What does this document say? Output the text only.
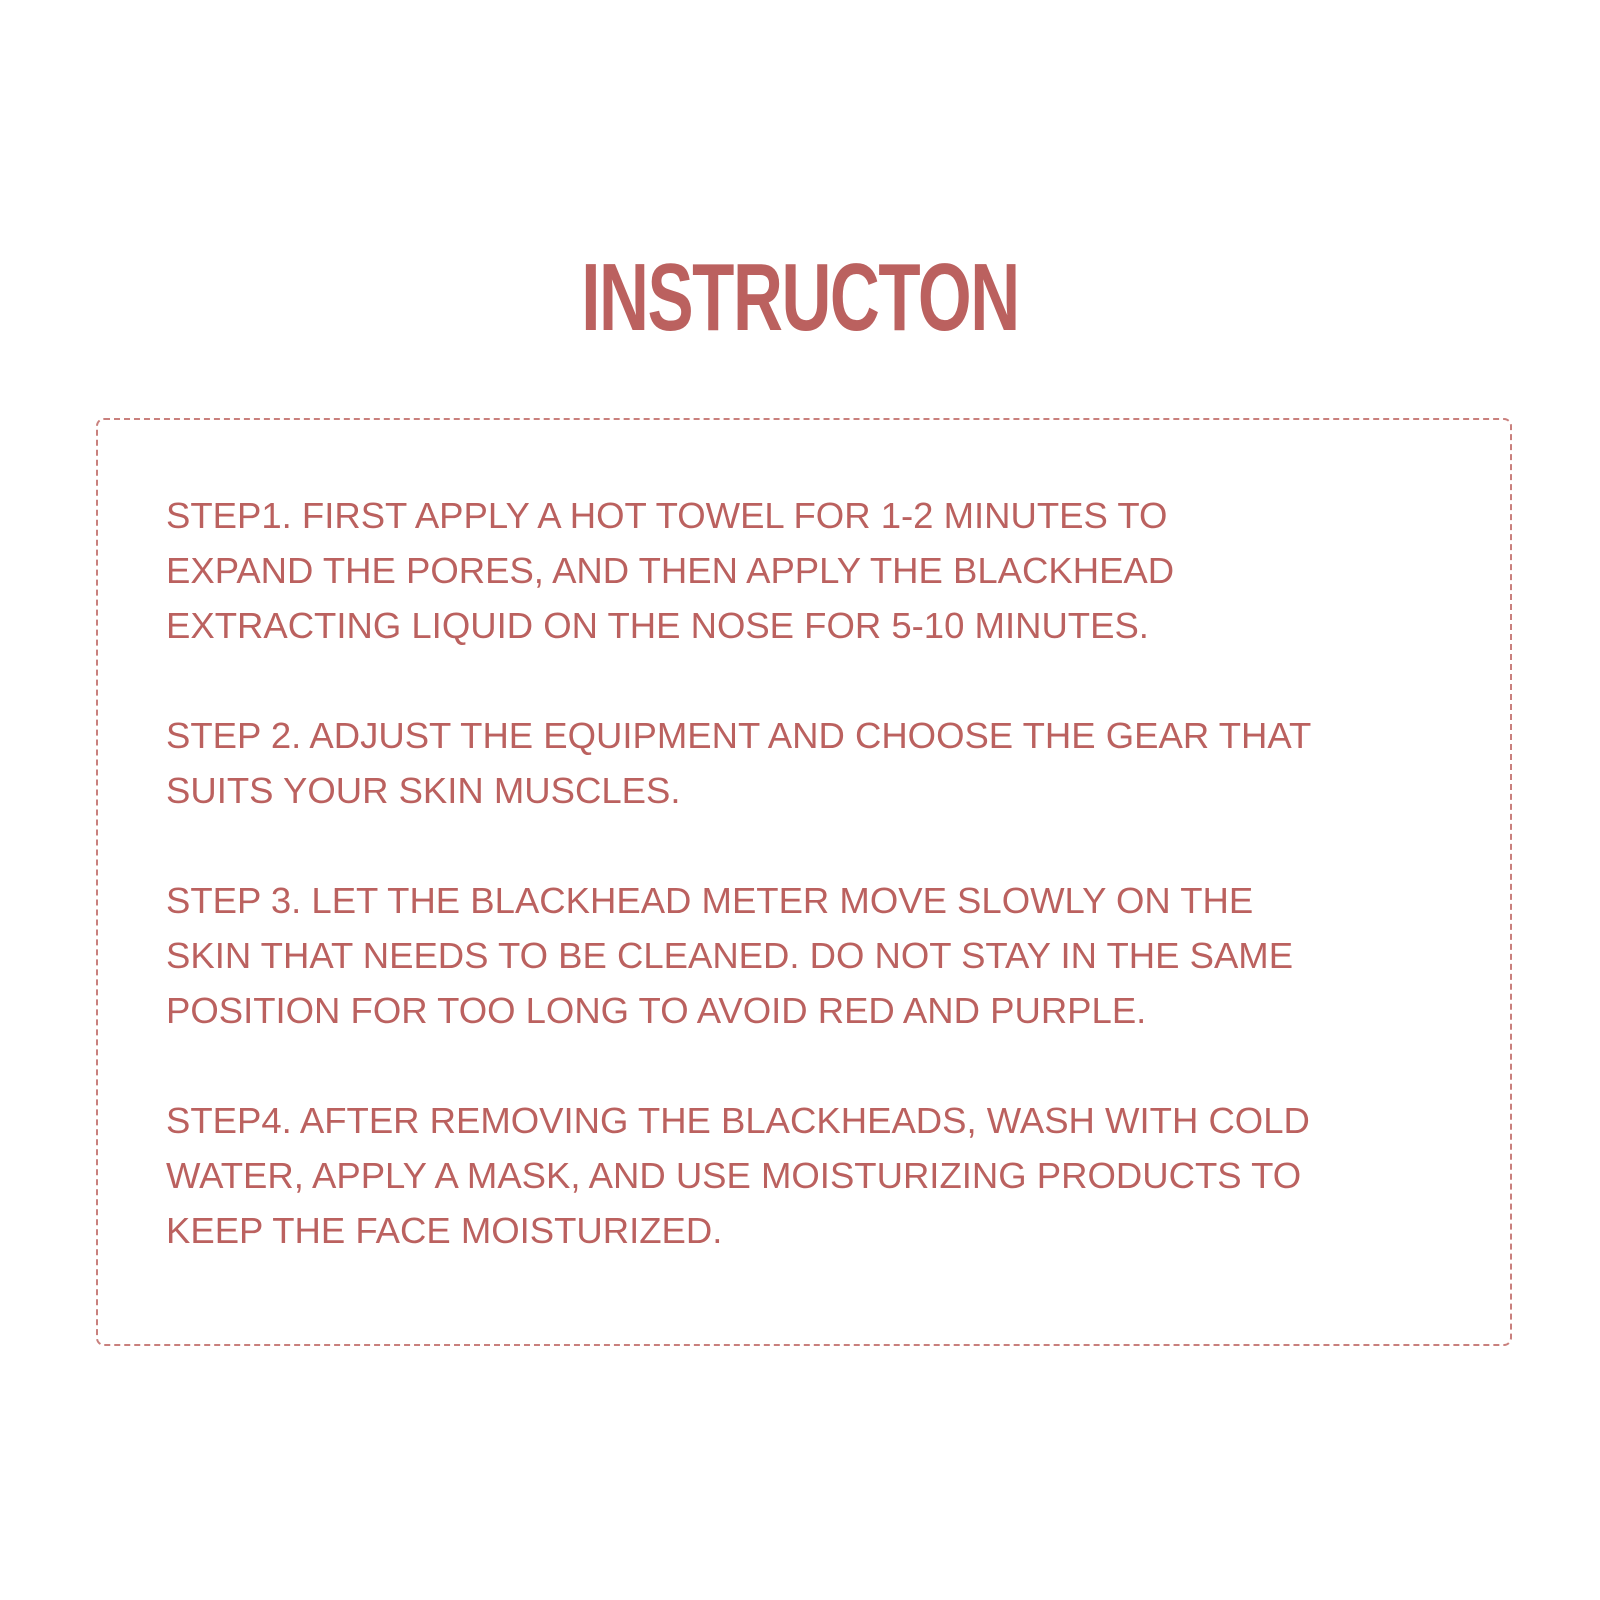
INSTRUCTON

STEP1. FIRST APPLY A HOT TOWEL FOR 1-2 MINUTES TO
EXPAND THE PORES, AND THEN APPLY THE BLACKHEAD
EXTRACTING LIQUID ON THE NOSE FOR 5-10 MINUTES.

STEP 2. ADJUST THE EQUIPMENT AND CHOOSE THE GEAR THAT
SUITS YOUR SKIN MUSCLES.

STEP 3. LET THE BLACKHEAD METER MOVE SLOWLY ON THE
SKIN THAT NEEDS TO BE CLEANED. DO NOT STAY IN THE SAME
POSITION FOR TOO LONG TO AVOID RED AND PURPLE.

STEP4. AFTER REMOVING THE BLACKHEADS, WASH WITH COLD
WATER, APPLY A MASK, AND USE MOISTURIZING PRODUCTS TO
KEEP THE FACE MOISTURIZED.
